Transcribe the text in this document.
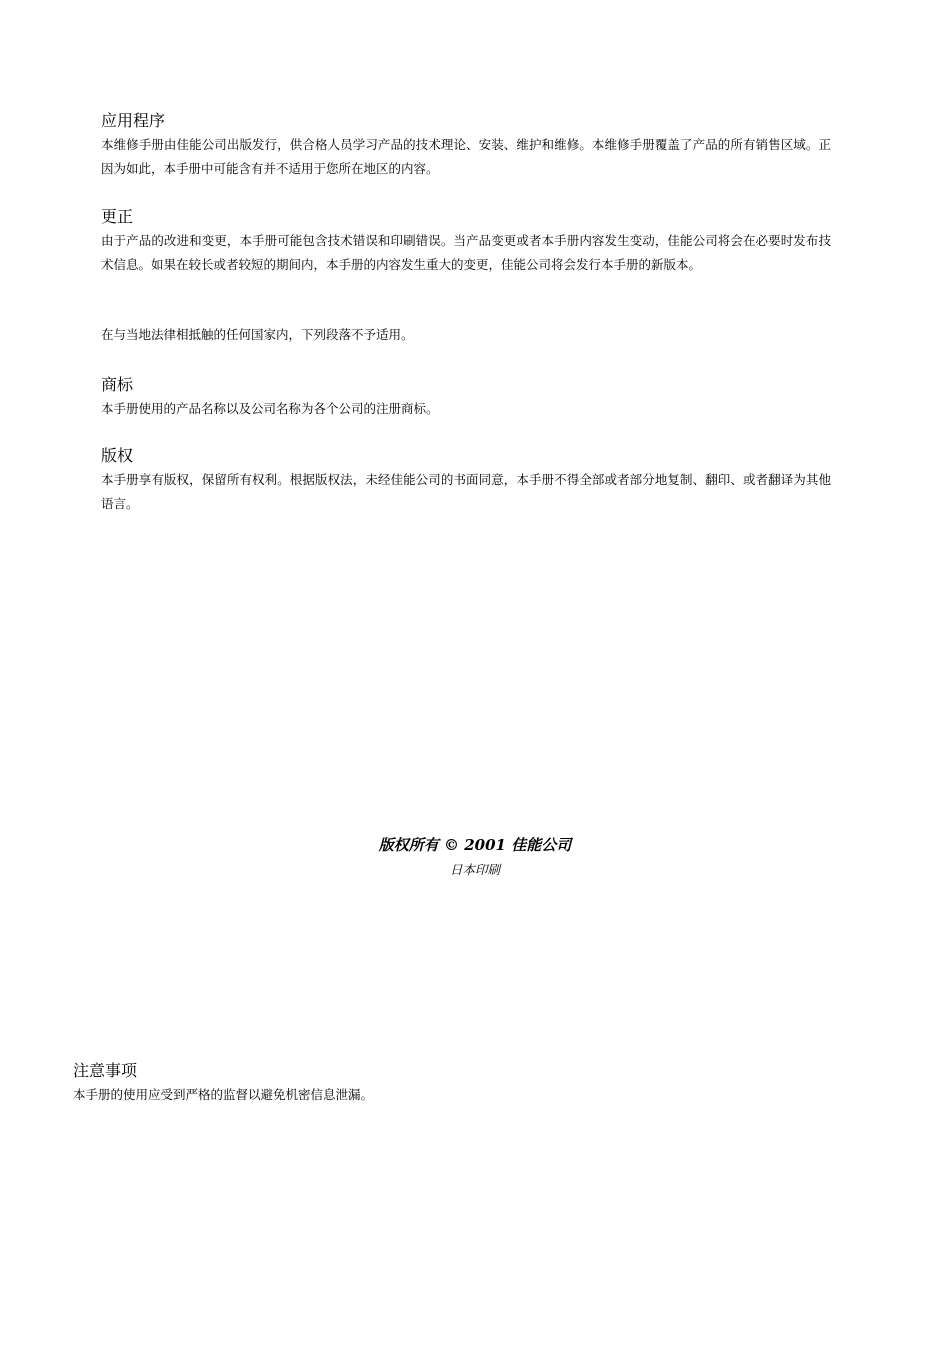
应用程序

本维修手册由佳能公司出版发行，供合格人员学习产品的技术理论、安装、维护和维修。本维修手册覆盖了产品的所有销售区域。正因为如此，本手册中可能含有并不适用于您所在地区的内容。

更正

由于产品的改进和变更，本手册可能包含技术错误和印刷错误。当产品变更或者本手册内容发生变动，佳能公司将会在必要时发布技术信息。如果在较长或者较短的期间内，本手册的内容发生重大的变更，佳能公司将会发行本手册的新版本。

在与当地法律相抵触的任何国家内，下列段落不予适用。

商标

本手册使用的产品名称以及公司名称为各个公司的注册商标。

版权

本手册享有版权，保留所有权利。根据版权法，未经佳能公司的书面同意，本手册不得全部或者部分地复制、翻印、或者翻译为其他语言。

版权所有 © 2001 佳能公司

日本印刷

注意事项

本手册的使用应受到严格的监督以避免机密信息泄漏。
